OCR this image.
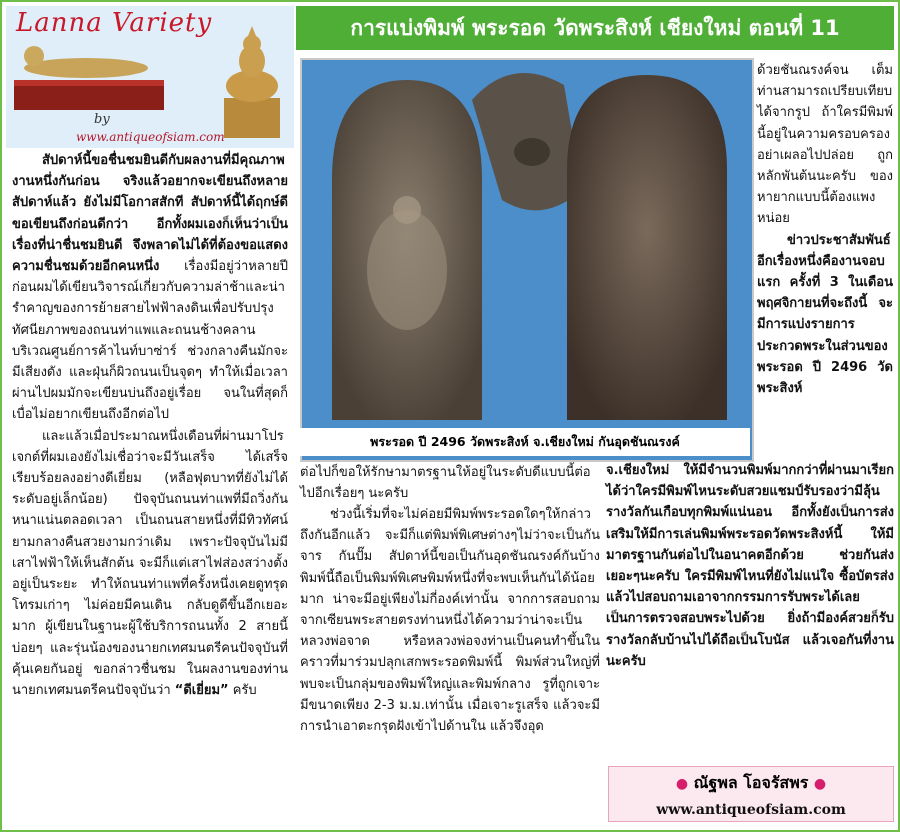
Lanna Variety
by
www.antiqueofsiam.com
การแบ่งพิมพ์ พระรอด วัดพระสิงห์ เชียงใหม่ ตอนที่ 11
พระรอด ปี 2496 วัดพระสิงห์ จ.เชียงใหม่ กันอุดชันณรงค์

สัปดาห์นี้ขอชื่นชมยินดีกับผลงานที่มีคุณภาพงานหนึ่งกันก่อน จริงแล้วอยากจะเขียนถึงหลายสัปดาห์แล้ว ยังไม่มีโอกาสสักที สัปดาห์นี้ได้ฤกษ์ดีขอเขียนถึงก่อนดีกว่า อีกทั้งผมเองก็เห็นว่าเป็นเรื่องที่น่าชื่นชมยินดี จึงพลาดไม่ได้ที่ต้องขอแสดงความชื่นชมด้วยอีกคนหนึ่ง เรื่องมีอยู่ว่าหลายปีก่อนผมได้เขียนวิจารณ์เกี่ยวกับความล่าช้าและน่ารำคาญของการย้ายสายไฟฟ้าลงดินเพื่อปรับปรุงทัศนียภาพของถนนท่าแพและถนนช้างคลานบริเวณศูนย์การค้าไนท์บาซ่าร์ ช่วงกลางคืนมักจะมีเสียงดัง และฝุ่นก็ผิวถนนเป็นจุดๆ ทำให้เมื่อเวลาผ่านไปผมมักจะเขียนบ่นถึงอยู่เรื่อย จนในที่สุดก็เบื่อไม่อยากเขียนถึงอีกต่อไป

และแล้วเมื่อประมาณหนึ่งเดือนที่ผ่านมาโปรเจกต์ที่ผมเองยังไม่เชื่อว่าจะมีวันเสร็จ ได้เสร็จเรียบร้อยลงอย่างดีเยี่ยม (หลือฟุตบาทที่ยังไม่ได้ระดับอยู่เล็กน้อย) ปัจจุบันถนนท่าแพที่มีถวิ่งกันหนาแน่นตลอดเวลา เป็นถนนสายหนึ่งที่มีทิวทัศน์ยามกลางคืนสวยงามกว่าเดิม เพราะปัจจุบันไม่มีเสาไฟฟ้าให้เห็นสักต้น จะมีก็แต่เสาไฟส่องสว่างตั้งอยู่เป็นระยะ ทำให้ถนนท่าแพที่ครั้งหนึ่งเคยดูทรุดโทรมเก่าๆ ไม่ค่อยมีคนเดิน กลับดูดีขึ้นอีกเยอะมาก ผู้เขียนในฐานะผู้ใช้บริการถนนทั้ง 2 สายนี้บ่อยๆ และรุ่นน้องของนายกเทศมนตรีคนปัจจุบันที่คุ้นเคยกันอยู่ ขอกล่าวชื่นชม ในผลงานของท่านนายกเทศมนตรีคนปัจจุบันว่า “ดีเยี่ยม” ครับ

ด้วยชันณรงค์จน เต็มท่านสามารถเปรียบเทียบได้จากรูป ถ้าใครมีพิมพ์ นี้อยู่ในความครอบครองอย่าเผลอไปปล่อย ถูกหลักพันต้นนะครับ ของหายากแบบนี้ต้องแพงหน่อย

ข่าวประชาสัมพันธ์อีกเรื่องหนึ่งคืองานจอบแรก ครั้งที่ 3 ในเดือนพฤศจิกายนที่จะถึงนี้ จะมีการแบ่งรายการประกวดพระในส่วนของพระรอด ปี 2496 วัดพระสิงห์

ต่อไปก็ขอให้รักษามาตรฐานให้อยู่ในระดับดีแบบนี้ต่อไปอีกเรื่อยๆ นะครับ

ช่วงนี้เริ่มที่จะไม่ค่อยมีพิมพ์พระรอดใดๆให้กล่าวถึงกันอีกแล้ว จะมีก็แต่พิมพ์พิเศษต่างๆไม่ว่าจะเป็นกันจาร กันปั๊ม สัปดาห์นี้ขอเป็นกันอุดชันณรงค์กันบ้าง พิมพ์นี้ถือเป็นพิมพ์พิเศษพิมพ์หนึ่งที่จะพบเห็นกันได้น้อยมาก น่าจะมีอยู่เพียงไม่กี่องค์เท่านั้น จากการสอบถามจากเซียนพระสายตรงท่านหนึ่งได้ความว่าน่าจะเป็นหลวงพ่อจาด หรือหลวงพ่อจงท่านเป็นคนทำขึ้นในคราวที่มาร่วมปลุกเสกพระรอดพิมพ์นี้ พิมพ์ส่วนใหญ่ที่พบจะเป็นกลุ่มของพิมพ์ใหญ่และพิมพ์กลาง รูที่ถูกเจาะมีขนาดเพียง 2-3 ม.ม.เท่านั้น เมื่อเจาะรูเสร็จ แล้วจะมีการนำเอาตะกรุดฝังเข้าไปด้านใน แล้วจึงอุด

จ.เชียงใหม่ ให้มีจำนวนพิมพ์มากกว่าที่ผ่านมาเรียกได้ว่าใครมีพิมพ์ไหนระดับสวยแชมป์รับรองว่ามีลุ้นรางวัลกันเกือบทุกพิมพ์แน่นอน อีกทั้งยังเป็นการส่งเสริมให้มีการเล่นพิมพ์พระรอดวัดพระสิงห์นี้ ให้มีมาตรฐานกันต่อไปในอนาคตอีกด้วย ช่วยกันส่งเยอะๆนะครับ ใครมีพิมพ์ไหนที่ยังไม่แน่ใจ ซื้อบัตรส่งแล้วไปสอบถามเอาจากกรรมการรับพระได้เลย เป็นการตรวจสอบพระไปด้วย ยิ่งถ้ามีองค์สวยก็รับรางวัลกลับบ้านไปได้ถือเป็นโบนัส แล้วเจอกันที่งานนะครับ

● ณัฐพล โอจรัสพร ●
www.antiqueofsiam.com
